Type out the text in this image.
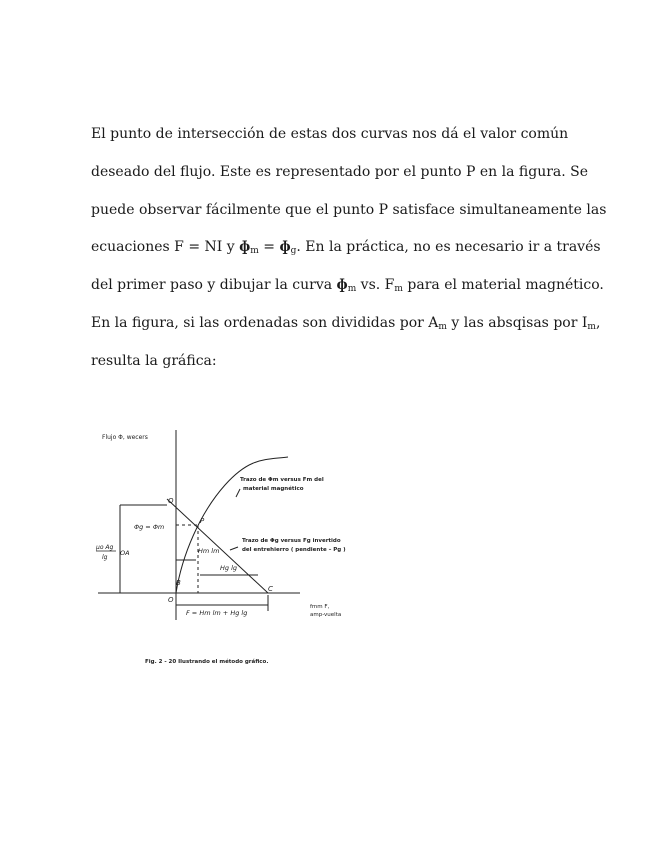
El punto de intersección de estas dos curvas nos dá el valor común
deseado del flujo. Este es representado por el punto P en la figura. Se
puede observar fácilmente que el punto P satisface simultaneamente las
ecuaciones F = NI y ɸ$_m$ = ɸ$_g$. En la práctica, no es necesario ir a través
del primer paso y dibujar la curva ɸ$_m$ vs. $F_m$ para el material magnético.
En la figura, si las ordenadas son divididas por $A_m$ y las absqisas por $I_m$,
resulta la gráfica:
Flujo Φ, wecers
Trazo de Φm versus Fm del
material magnético
Trazo de Φg versus Fg invertido
del entrehierro ( pendiente – Pg )
Φg = Φm
μo Ag
lg
OA
O
P
O
B
C
Hm lm
Hg lg
fmm F,
amp-vuelta
F = Hm lm + Hg lg
Fig. 2 - 20 Ilustrando el método gráfico.
